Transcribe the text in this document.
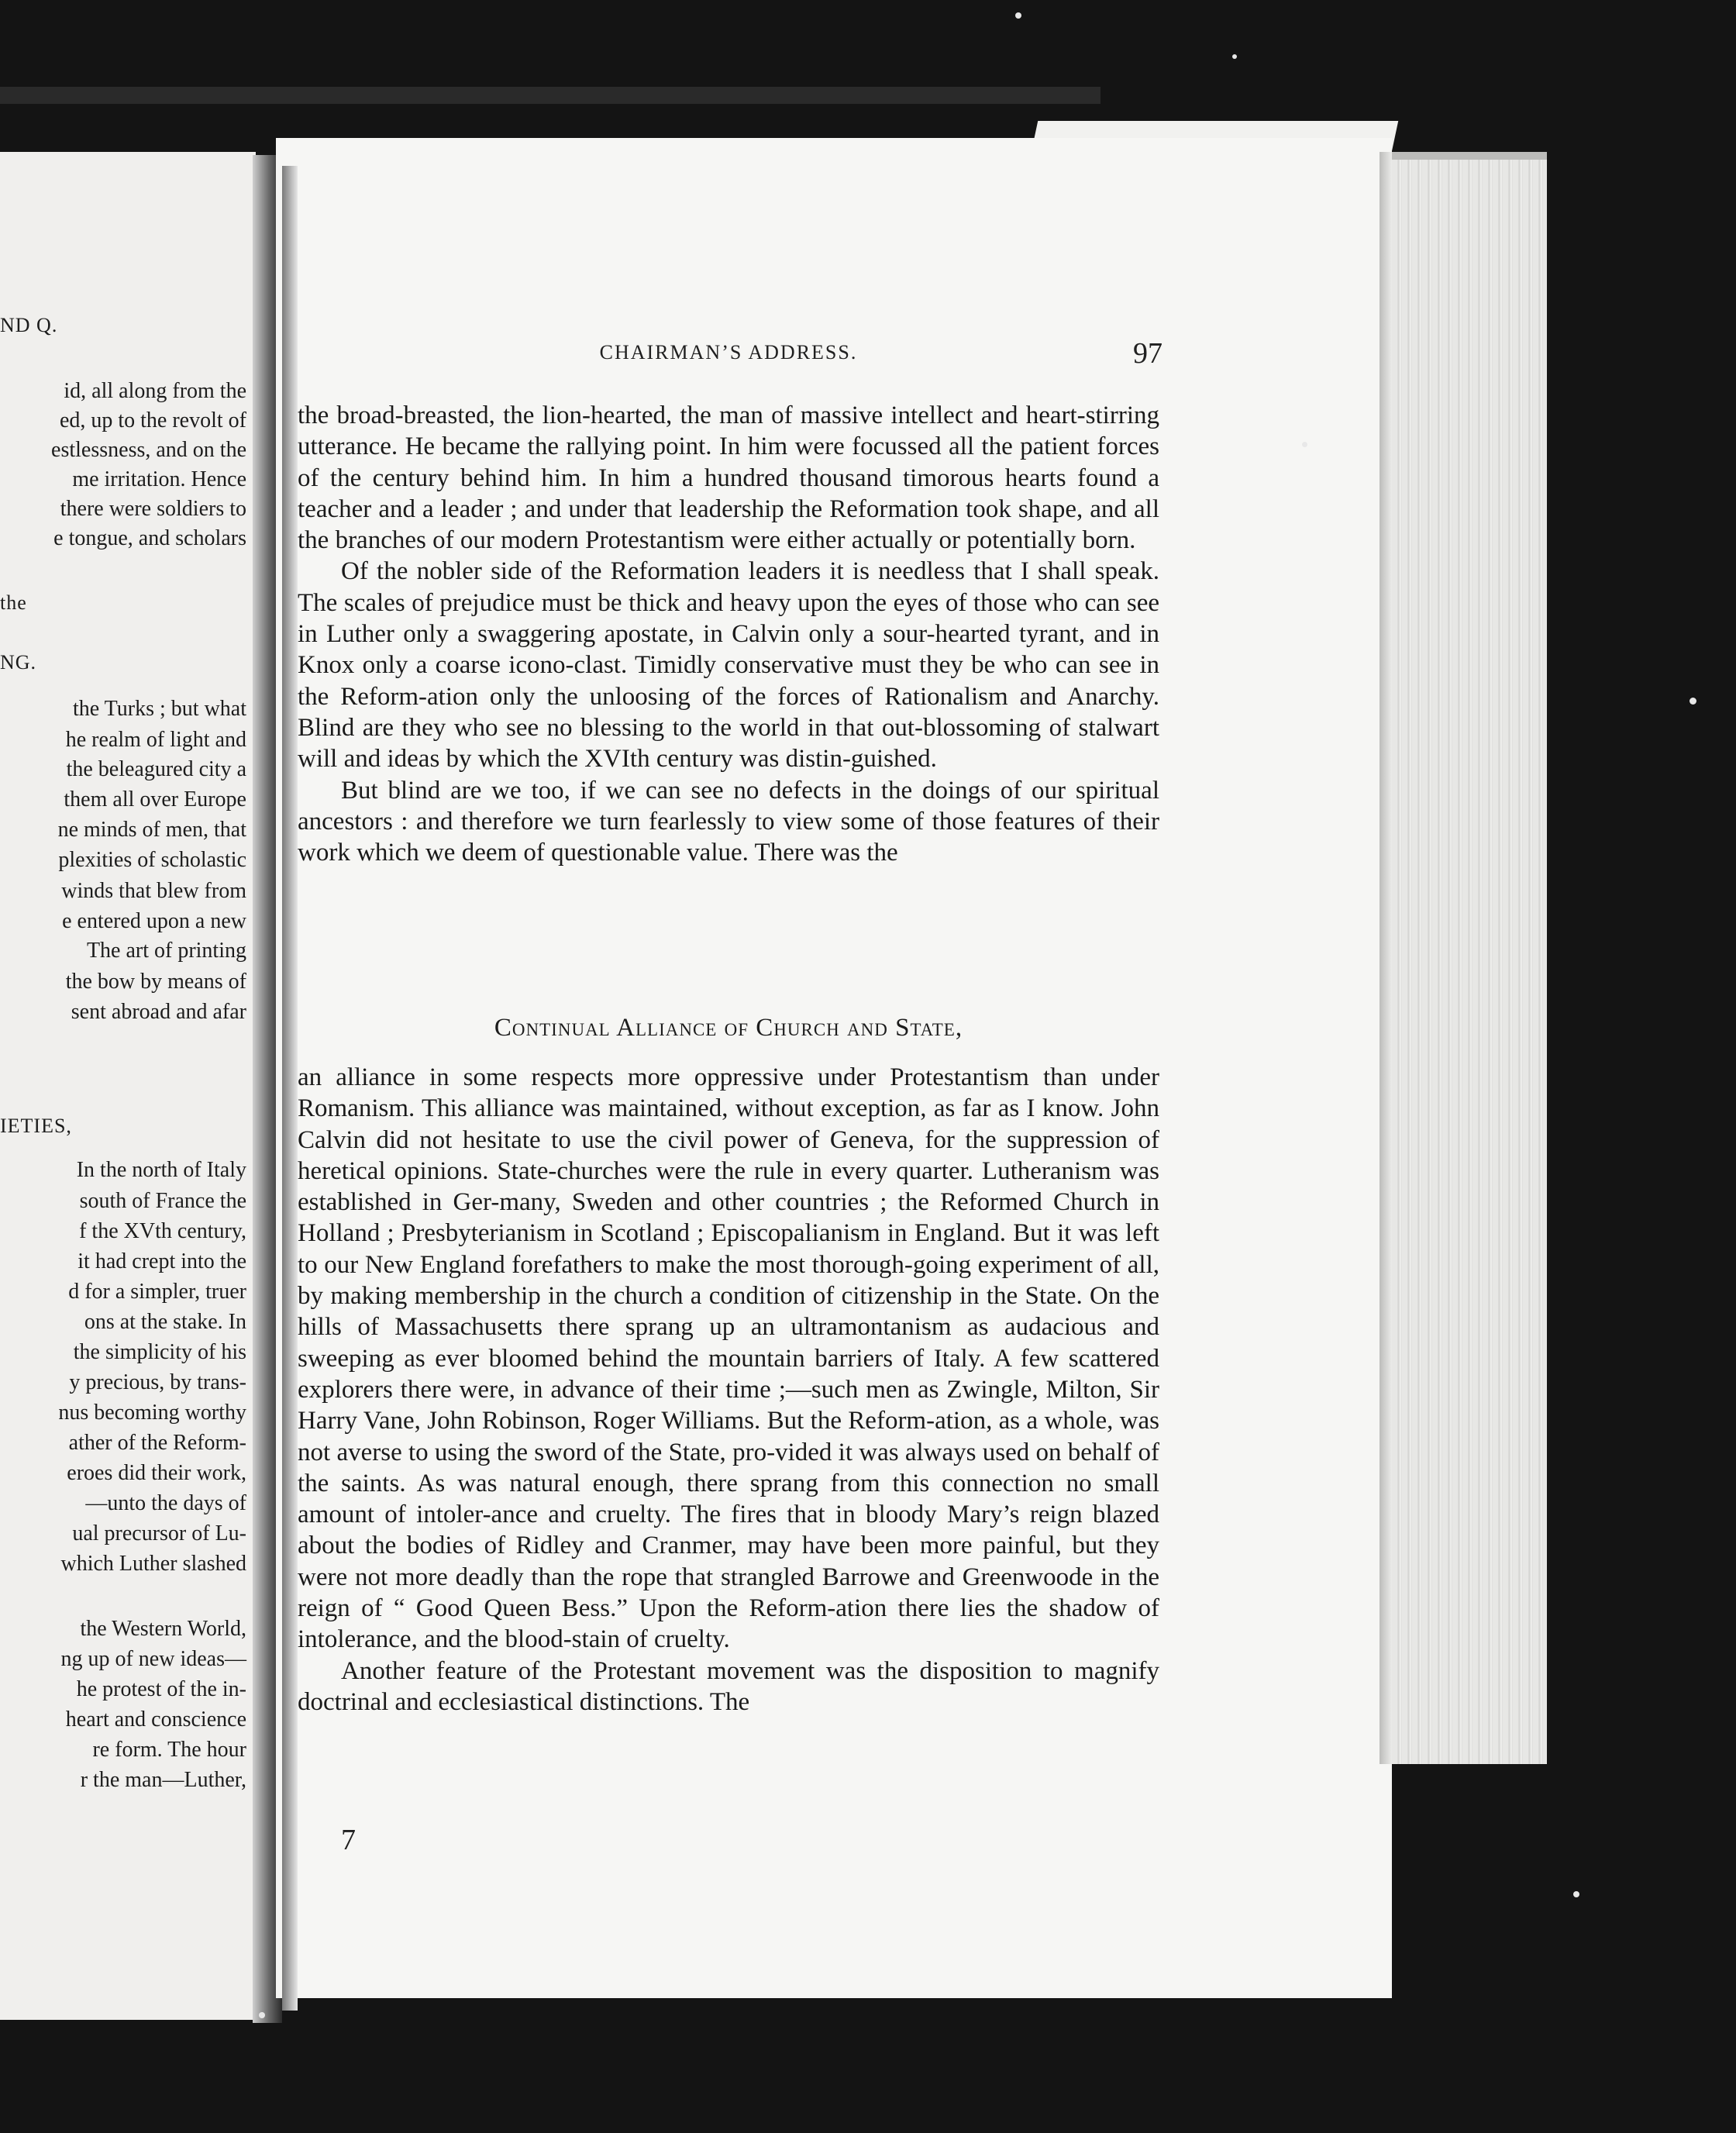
ND Q.
id, all along from the
ed, up to the revolt of
estlessness, and on the
me irritation. Hence
there were soldiers to
e tongue, and scholars
the
NG.
the Turks ; but what
he realm of light and
the beleagured city a
them all over Europe
ne minds of men, that
plexities of scholastic
winds that blew from
e entered upon a new
The art of printing
the bow by means of
sent abroad and afar
IETIES,
In the north of Italy
south of France the
f the XVth century,
it had crept into the
d for a simpler, truer
ons at the stake. In
the simplicity of his
y precious, by trans-
nus becoming worthy
ather of the Reform-
eroes did their work,
—unto the days of
ual precursor of Lu-
which Luther slashed
the Western World,
ng up of new ideas—
he protest of the in-
heart and conscience
re form. The hour
r the man—Luther,
CHAIRMAN’S ADDRESS.	97

the broad-breasted, the lion-hearted, the man of massive intellect and heart-stirring utterance. He became the rallying point. In him were focussed all the patient forces of the century behind him. In him a hundred thousand timorous hearts found a teacher and a leader ; and under that leadership the Reformation took shape, and all the branches of our modern Protestantism were either actually or potentially born.

Of the nobler side of the Reformation leaders it is needless that I shall speak. The scales of prejudice must be thick and heavy upon the eyes of those who can see in Luther only a swaggering apostate, in Calvin only a sour-hearted tyrant, and in Knox only a coarse icono-clast. Timidly conservative must they be who can see in the Reform-ation only the unloosing of the forces of Rationalism and Anarchy. Blind are they who see no blessing to the world in that out-blossoming of stalwart will and ideas by which the XVIth century was distin-guished.

But blind are we too, if we can see no defects in the doings of our spiritual ancestors : and therefore we turn fearlessly to view some of those features of their work which we deem of questionable value. There was the

Continual Alliance of Church and State,

an alliance in some respects more oppressive under Protestantism than under Romanism. This alliance was maintained, without exception, as far as I know. John Calvin did not hesitate to use the civil power of Geneva, for the suppression of heretical opinions. State-churches were the rule in every quarter. Lutheranism was established in Ger-many, Sweden and other countries ; the Reformed Church in Holland ; Presbyterianism in Scotland ; Episcopalianism in England. But it was left to our New England forefathers to make the most thorough-going experiment of all, by making membership in the church a condition of citizenship in the State. On the hills of Massachusetts there sprang up an ultramontanism as audacious and sweeping as ever bloomed behind the mountain barriers of Italy. A few scattered explorers there were, in advance of their time ;—such men as Zwingle, Milton, Sir Harry Vane, John Robinson, Roger Williams. But the Reform-ation, as a whole, was not averse to using the sword of the State, pro-vided it was always used on behalf of the saints. As was natural enough, there sprang from this connection no small amount of intoler-ance and cruelty. The fires that in bloody Mary’s reign blazed about the bodies of Ridley and Cranmer, may have been more painful, but they were not more deadly than the rope that strangled Barrowe and Greenwoode in the reign of “ Good Queen Bess.” Upon the Reform-ation there lies the shadow of intolerance, and the blood-stain of cruelty.

Another feature of the Protestant movement was the disposition to magnify doctrinal and ecclesiastical distinctions. The

7
